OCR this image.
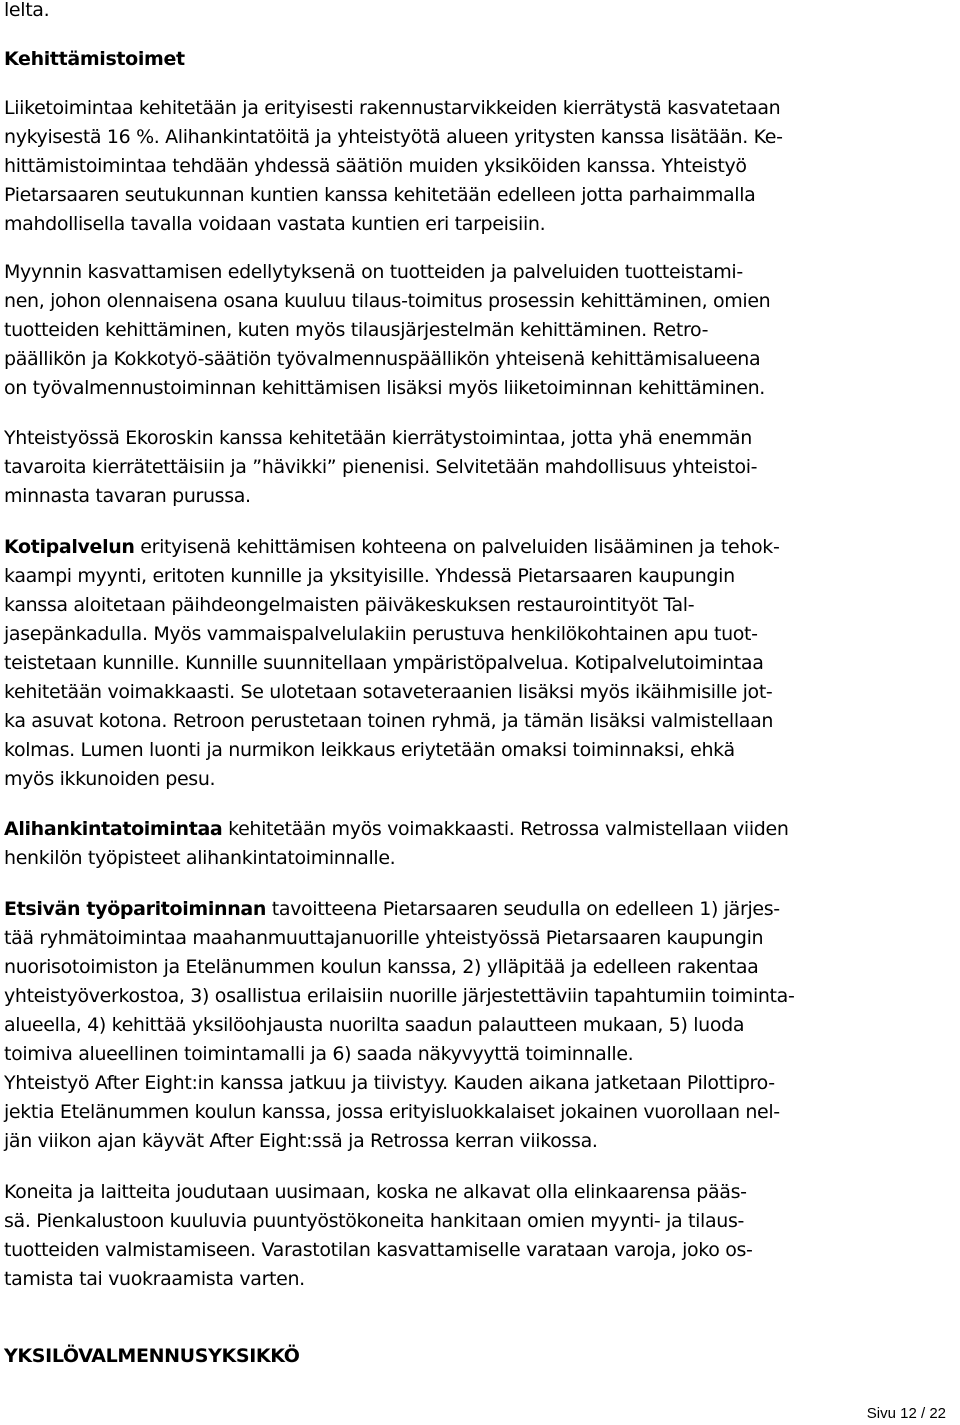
lelta.
Kehittämistoimet
Liiketoimintaa kehitetään ja erityisesti rakennustarvikkeiden kierrätystä kasvatetaan
nykyisestä 16 %. Alihankintatöitä ja yhteistyötä alueen yritysten kanssa lisätään. Ke-
hittämistoimintaa tehdään yhdessä säätiön muiden yksiköiden kanssa. Yhteistyö
Pietarsaaren seutukunnan kuntien kanssa kehitetään edelleen jotta parhaimmalla
mahdollisella tavalla voidaan vastata kuntien eri tarpeisiin.
Myynnin kasvattamisen edellytyksenä on tuotteiden ja palveluiden tuotteistami-
nen, johon olennaisena osana kuuluu tilaus-toimitus prosessin kehittäminen, omien
tuotteiden kehittäminen, kuten myös tilausjärjestelmän kehittäminen. Retro-
päällikön ja Kokkotyö-säätiön työvalmennuspäällikön yhteisenä kehittämisalueena
on työvalmennustoiminnan kehittämisen lisäksi myös liiketoiminnan kehittäminen.
Yhteistyössä Ekoroskin kanssa kehitetään kierrätystoimintaa, jotta yhä enemmän
tavaroita kierrätettäisiin ja ”hävikki” pienenisi. Selvitetään mahdollisuus yhteistoi-
minnasta tavaran purussa.
Kotipalvelun erityisenä kehittämisen kohteena on palveluiden lisääminen ja tehok-
kaampi myynti, eritoten kunnille ja yksityisille. Yhdessä Pietarsaaren kaupungin
kanssa aloitetaan päihdeongelmaisten päiväkeskuksen restaurointityöt Tal-
jasepänkadulla. Myös vammaispalvelulakiin perustuva henkilökohtainen apu tuot-
teistetaan kunnille. Kunnille suunnitellaan ympäristöpalvelua. Kotipalvelutoimintaa
kehitetään voimakkaasti. Se ulotetaan sotaveteraanien lisäksi myös ikäihmisille jot-
ka asuvat kotona. Retroon perustetaan toinen ryhmä, ja tämän lisäksi valmistellaan
kolmas. Lumen luonti ja nurmikon leikkaus eriytetään omaksi toiminnaksi, ehkä
myös ikkunoiden pesu.
Alihankintatoimintaa kehitetään myös voimakkaasti. Retrossa valmistellaan viiden
henkilön työpisteet alihankintatoiminnalle.
Etsivän työparitoiminnan tavoitteena Pietarsaaren seudulla on edelleen 1) järjes-
tää ryhmätoimintaa maahanmuuttajanuorille yhteistyössä Pietarsaaren kaupungin
nuorisotoimiston ja Etelänummen koulun kanssa, 2) ylläpitää ja edelleen rakentaa
yhteistyöverkostoa, 3) osallistua erilaisiin nuorille järjestettäviin tapahtumiin toiminta-
alueella, 4) kehittää yksilöohjausta nuorilta saadun palautteen mukaan, 5) luoda
toimiva alueellinen toimintamalli ja 6) saada näkyvyyttä toiminnalle.
Yhteistyö After Eight:in kanssa jatkuu ja tiivistyy. Kauden aikana jatketaan Pilottipro-
jektia Etelänummen koulun kanssa, jossa erityisluokkalaiset jokainen vuorollaan nel-
jän viikon ajan käyvät After Eight:ssä ja Retrossa kerran viikossa.
Koneita ja laitteita joudutaan uusimaan, koska ne alkavat olla elinkaarensa pääs-
sä. Pienkalustoon kuuluvia puuntyöstökoneita hankitaan omien myynti- ja tilaus-
tuotteiden valmistamiseen. Varastotilan kasvattamiselle varataan varoja, joko os-
tamista tai vuokraamista varten.
YKSILÖVALMENNUSYKSIKKÖ
Sivu 12 / 22
